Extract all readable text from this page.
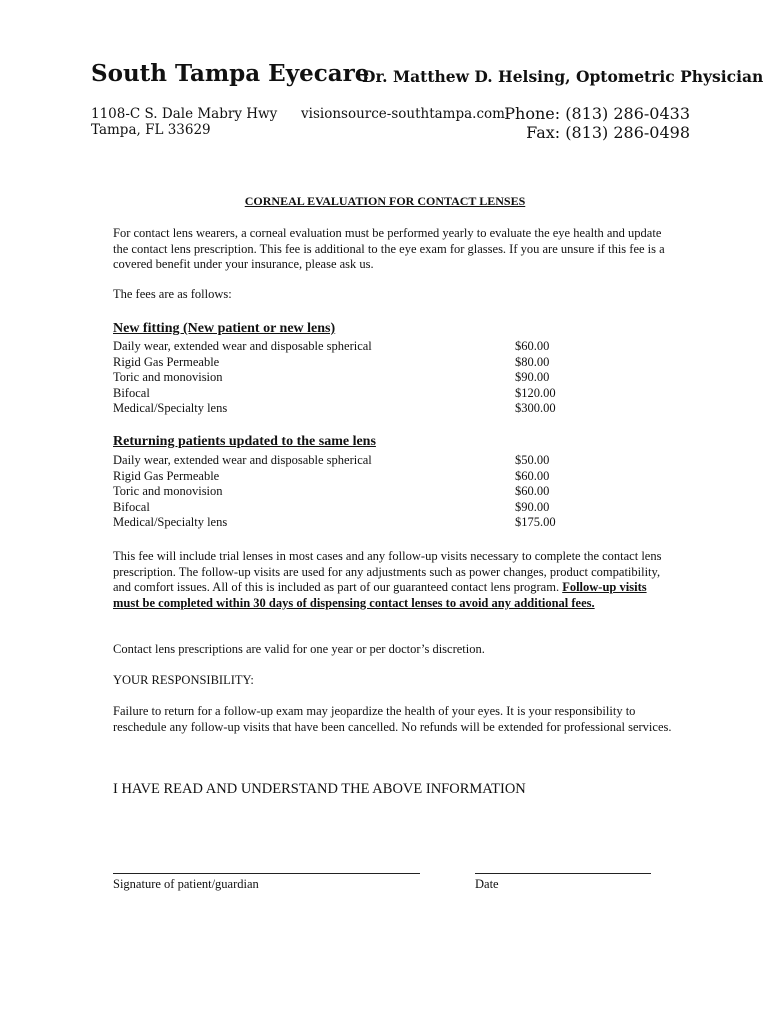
South Tampa Eyecare
Dr. Matthew D. Helsing, Optometric Physician
1108-C S. Dale Mabry Hwy
Tampa, FL 33629
visionsource-southtampa.com Phone: (813) 286-0433
Fax: (813) 286-0498
CORNEAL EVALUATION FOR CONTACT LENSES
For contact lens wearers, a corneal evaluation must be performed yearly to evaluate the eye health and update the contact lens prescription. This fee is additional to the eye exam for glasses. If you are unsure if this fee is a covered benefit under your insurance, please ask us.
The fees are as follows:
New fitting (New patient or new lens)
Daily wear, extended wear and disposable spherical	$60.00
Rigid Gas Permeable	$80.00
Toric and monovision	$90.00
Bifocal	$120.00
Medical/Specialty lens	$300.00
Returning patients updated to the same lens
Daily wear, extended wear and disposable spherical	$50.00
Rigid Gas Permeable	$60.00
Toric and monovision	$60.00
Bifocal	$90.00
Medical/Specialty lens	$175.00
This fee will include trial lenses in most cases and any follow-up visits necessary to complete the contact lens prescription. The follow-up visits are used for any adjustments such as power changes, product compatibility, and comfort issues. All of this is included as part of our guaranteed contact lens program. Follow-up visits must be completed within 30 days of dispensing contact lenses to avoid any additional fees.
Contact lens prescriptions are valid for one year or per doctor’s discretion.
YOUR RESPONSIBILITY:
Failure to return for a follow-up exam may jeopardize the health of your eyes. It is your responsibility to reschedule any follow-up visits that have been cancelled. No refunds will be extended for professional services.
I HAVE READ AND UNDERSTAND THE ABOVE INFORMATION
Signature of patient/guardian	Date
